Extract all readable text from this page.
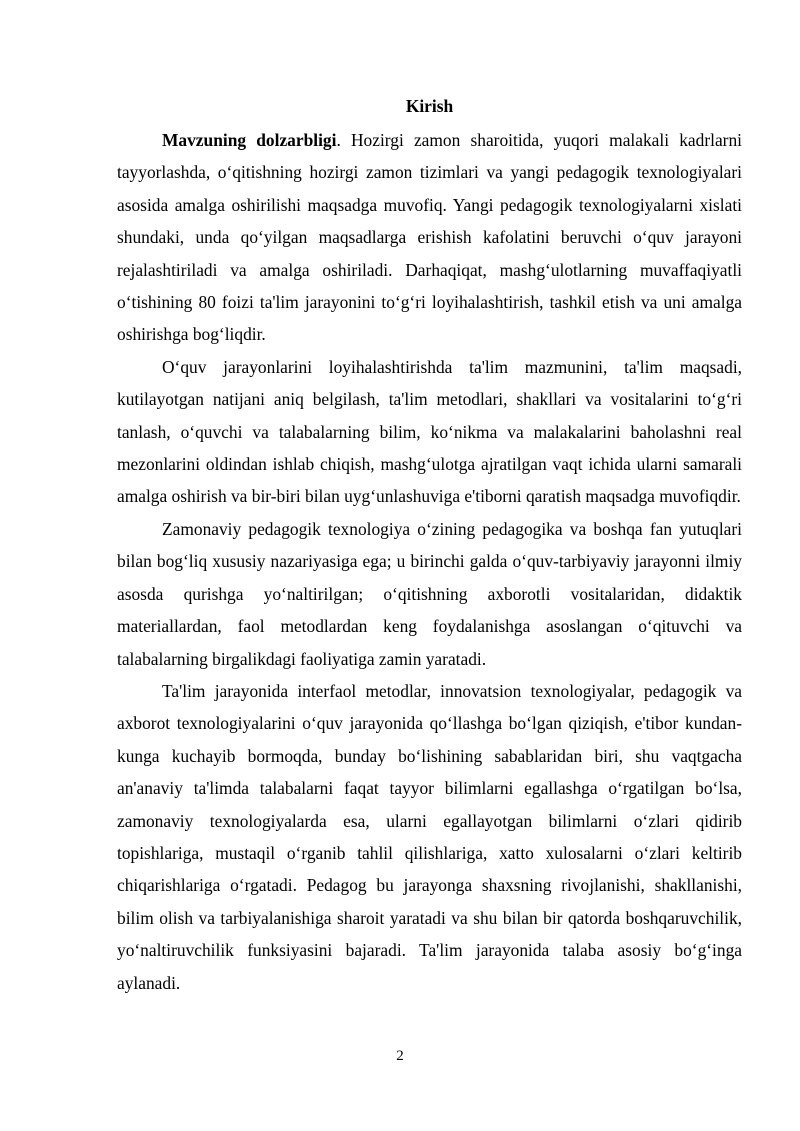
Kirish

Mavzuning dolzarbligi. Hozirgi zamon sharoitida, yuqori malakali kadrlarni tayyorlashda, o‘qitishning hozirgi zamon tizimlari va yangi pedagogik texnologiyalari asosida amalga oshirilishi maqsadga muvofiq. Yangi pedagogik texnologiyalarni xislati shundaki, unda qo‘yilgan maqsadlarga erishish kafolatini beruvchi o‘quv jarayoni rejalashtiriladi va amalga oshiriladi. Darhaqiqat, mashg‘ulotlarning muvaffaqiyatli o‘tishining 80 foizi ta'lim jarayonini to‘g‘ri loyihalashtirish, tashkil etish va uni amalga oshirishga bog‘liqdir.

O‘quv jarayonlarini loyihalashtirishda ta'lim mazmunini, ta'lim maqsadi, kutilayotgan natijani aniq belgilash, ta'lim metodlari, shakllari va vositalarini to‘g‘ri tanlash, o‘quvchi va talabalarning bilim, ko‘nikma va malakalarini baholashni real mezonlarini oldindan ishlab chiqish, mashg‘ulotga ajratilgan vaqt ichida ularni samarali amalga oshirish va bir-biri bilan uyg‘unlashuviga e'tiborni qaratish maqsadga muvofiqdir.

Zamonaviy pedagogik texnologiya o‘zining pedagogika va boshqa fan yutuqlari bilan bog‘liq xususiy nazariyasiga ega; u birinchi galda o‘quv-tarbiyaviy jarayonni ilmiy asosda qurishga yo‘naltirilgan; o‘qitishning axborotli vositalaridan, didaktik materiallardan, faol metodlardan keng foydalanishga asoslangan o‘qituvchi va talabalarning birgalikdagi faoliyatiga zamin yaratadi.

Ta'lim jarayonida interfaol metodlar, innovatsion texnologiyalar, pedagogik va axborot texnologiyalarini o‘quv jarayonida qo‘llashga bo‘lgan qiziqish, e'tibor kundan-kunga kuchayib bormoqda, bunday bo‘lishining sabablaridan biri, shu vaqtgacha an'anaviy ta'limda talabalarni faqat tayyor bilimlarni egallashga o‘rgatilgan bo‘lsa, zamonaviy texnologiyalarda esa, ularni egallayotgan bilimlarni o‘zlari qidirib topishlariga, mustaqil o‘rganib tahlil qilishlariga, xatto xulosalarni o‘zlari keltirib chiqarishlariga o‘rgatadi. Pedagog bu jarayonga shaxsning rivojlanishi, shakllanishi, bilim olish va tarbiyalanishiga sharoit yaratadi va shu bilan bir qatorda boshqaruvchilik, yo‘naltiruvchilik funksiyasini bajaradi. Ta'lim jarayonida talaba asosiy bo‘g‘inga aylanadi.

2
